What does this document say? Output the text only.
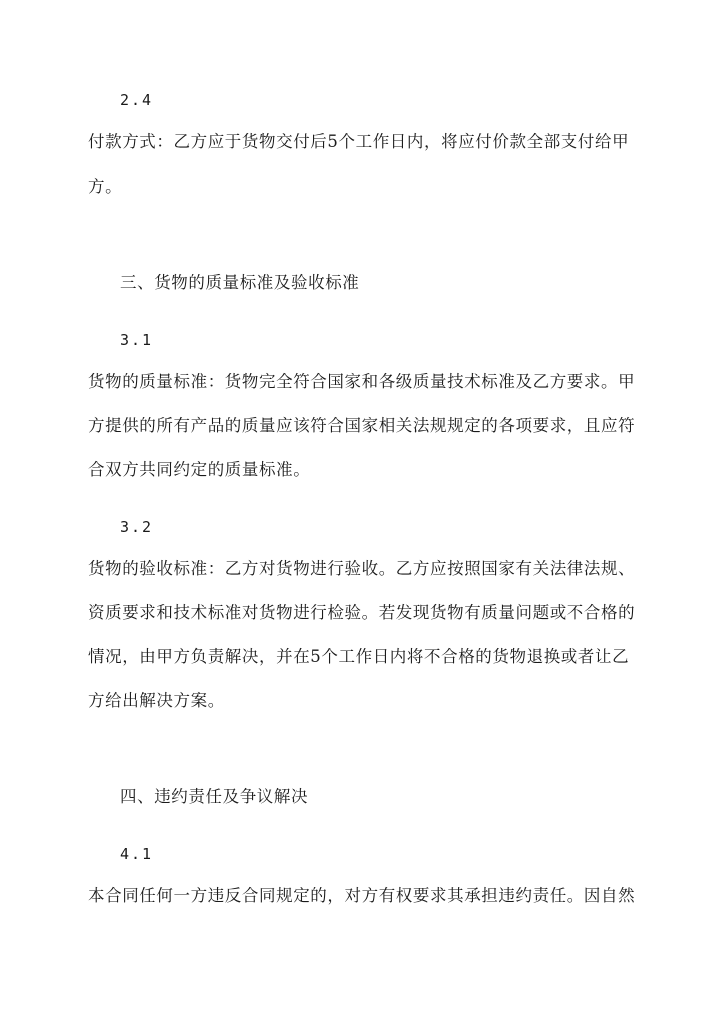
2.4
付款方式：乙方应于货物交付后5个工作日内，将应付价款全部支付给甲
方。
三、货物的质量标准及验收标准
3.1
货物的质量标准：货物完全符合国家和各级质量技术标准及乙方要求。甲
方提供的所有产品的质量应该符合国家相关法规规定的各项要求，且应符
合双方共同约定的质量标准。
3.2
货物的验收标准：乙方对货物进行验收。乙方应按照国家有关法律法规、
资质要求和技术标准对货物进行检验。若发现货物有质量问题或不合格的
情况，由甲方负责解决，并在5个工作日内将不合格的货物退换或者让乙
方给出解决方案。
四、违约责任及争议解决
4.1
本合同任何一方违反合同规定的，对方有权要求其承担违约责任。因自然
